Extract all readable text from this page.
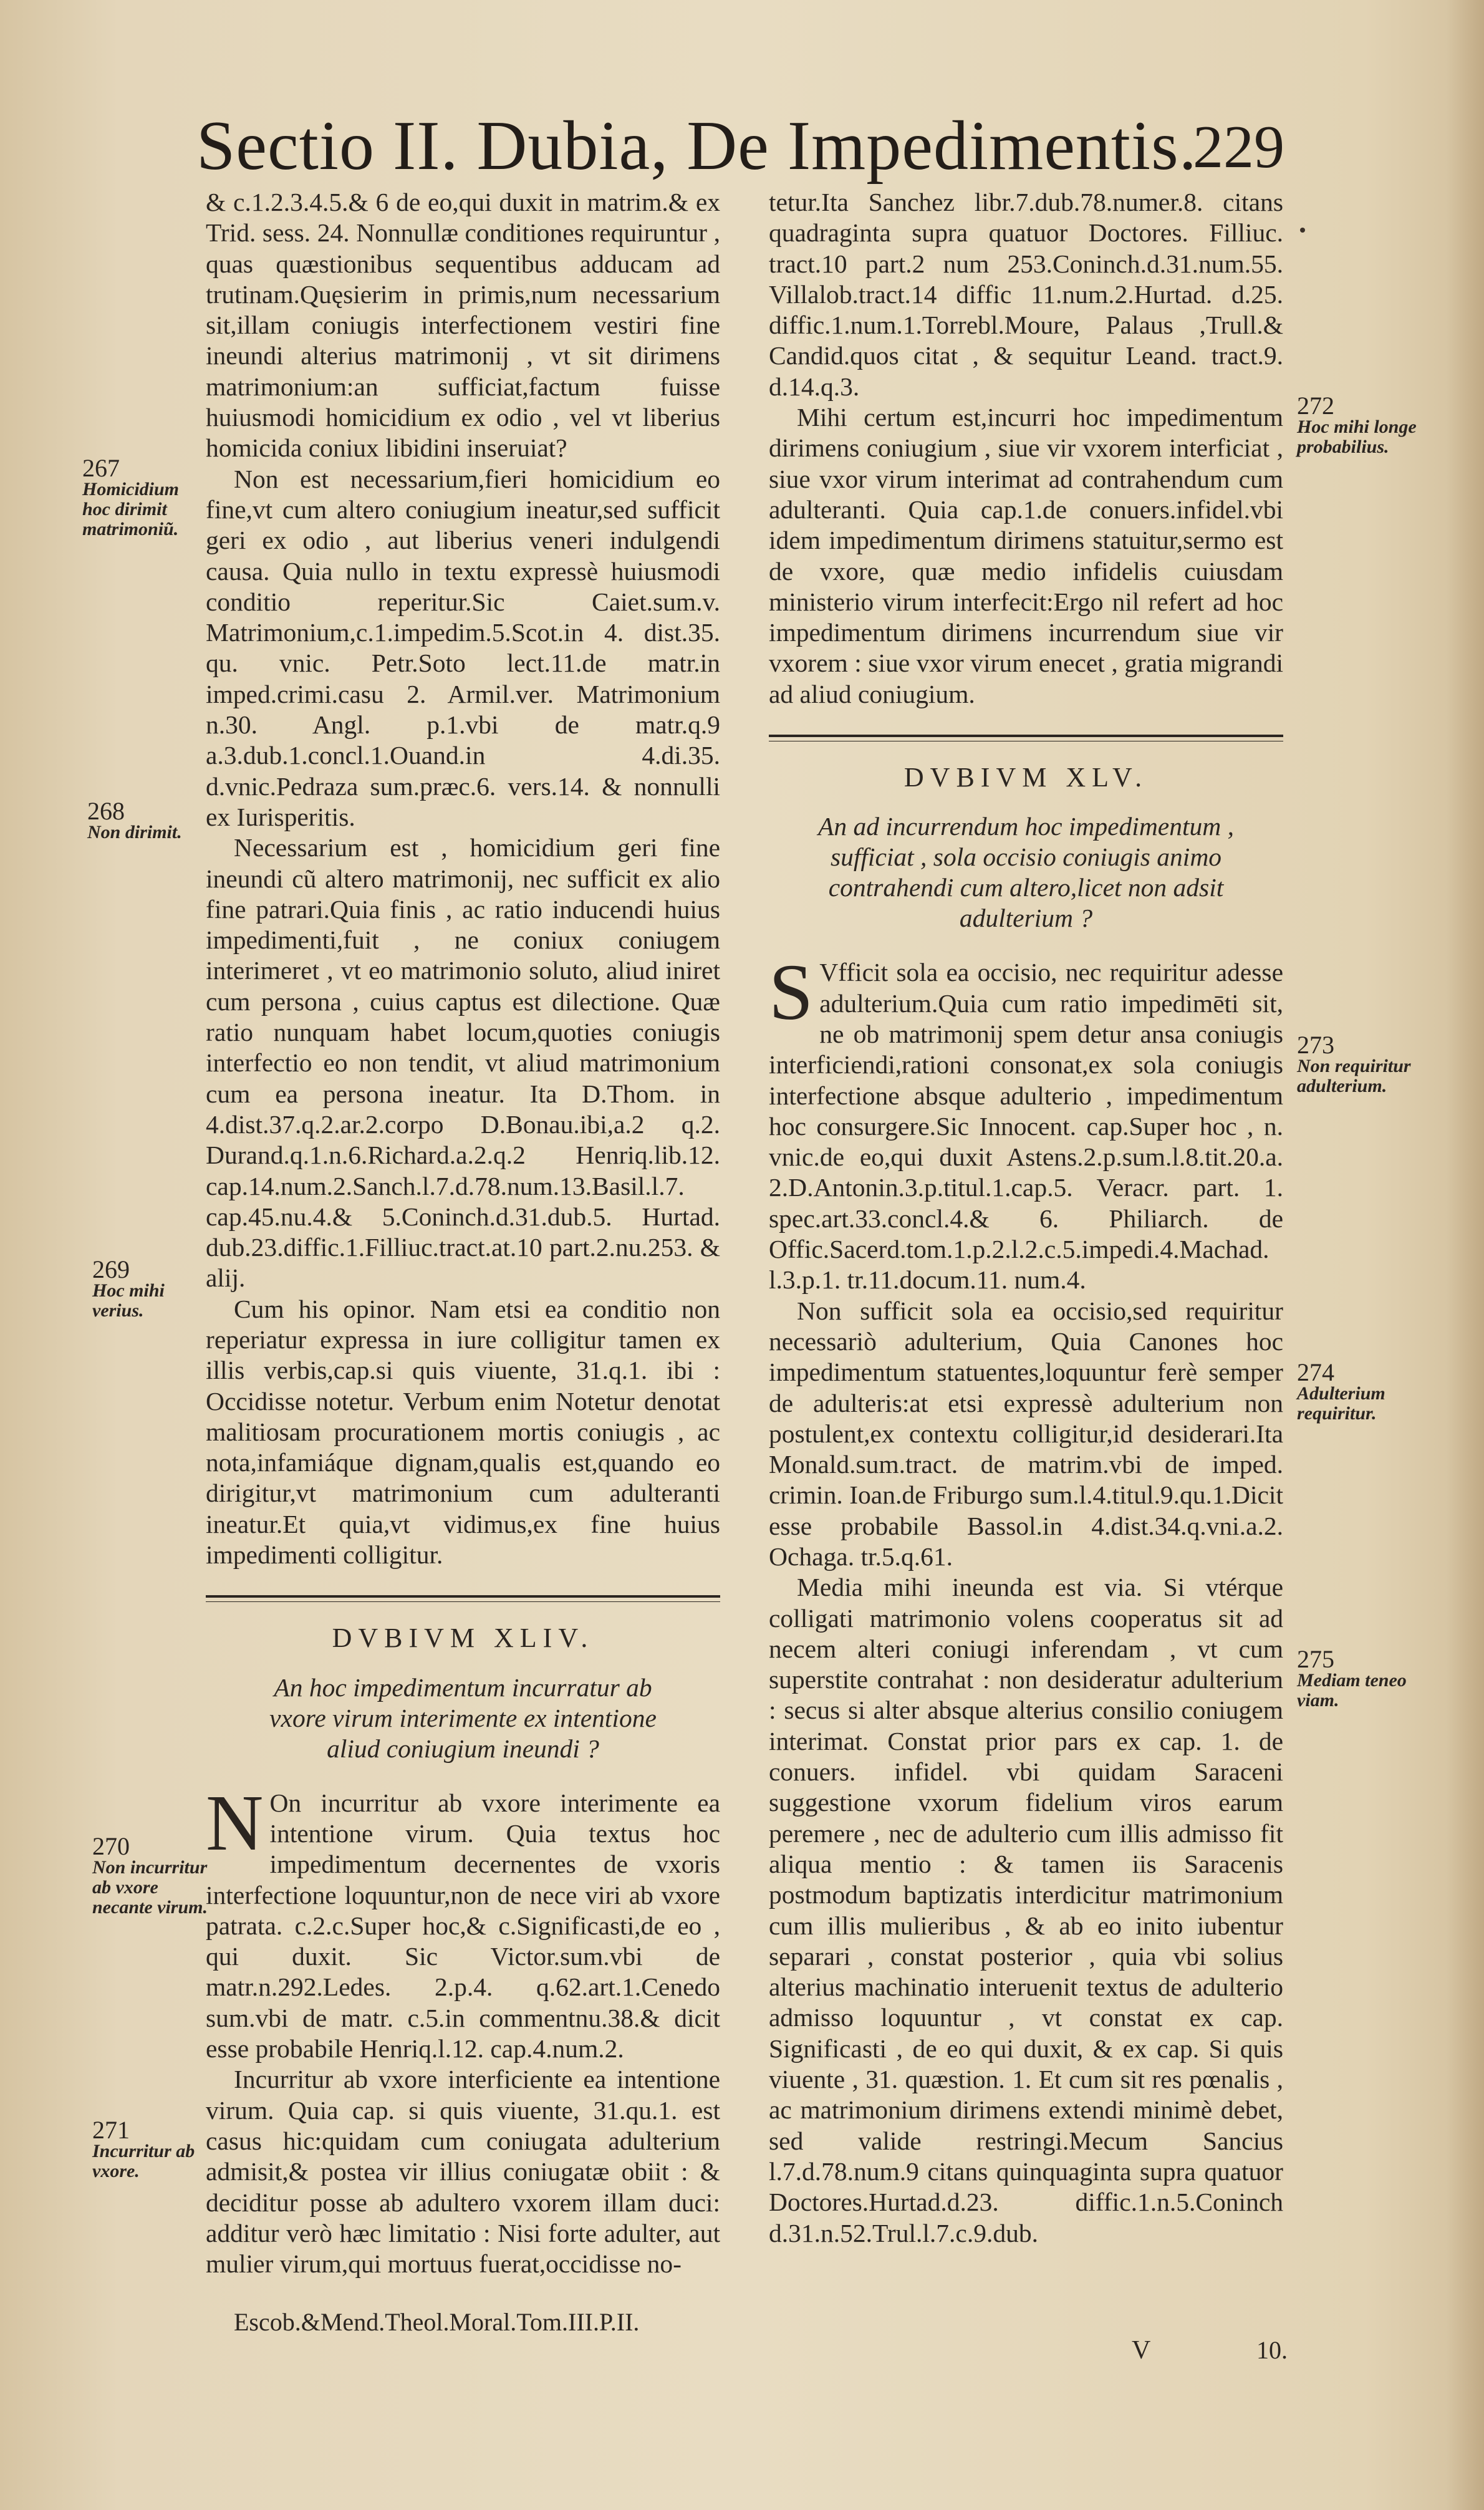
Sectio II. Dubia, De Impedimentis.
229

& c.1.2.3.4.5.& 6 de eo,qui duxit in matrim.& ex Trid. sess. 24. Nonnullæ conditiones requiruntur , quas quæstionibus sequentibus adducam ad trutinam.Quęsierim in primis,num necessarium sit,illam coniugis interfectionem vestiri fine ineundi alterius matrimonij , vt sit dirimens matrimonium:an sufficiat,factum fuisse huiusmodi homicidium ex odio , vel vt liberius homicida coniux libidini inseruiat?

Non est necessarium,fieri homicidium eo fine,vt cum altero coniugium ineatur,sed sufficit geri ex odio , aut liberius veneri indulgendi causa. Quia nullo in textu expressè huiusmodi conditio reperitur.Sic Caiet.sum.v. Matrimonium,c.1.impedim.5.Scot.in 4. dist.35. qu. vnic. Petr.Soto lect.11.de matr.in imped.crimi.casu 2. Armil.ver. Matrimonium n.30. Angl. p.1.vbi de matr.q.9 a.3.dub.1.concl.1.Ouand.in 4.di.35. d.vnic.Pedraza sum.præc.6. vers.14. & nonnulli ex Iurisperitis.

Necessarium est , homicidium geri fine ineundi cũ altero matrimonij, nec sufficit ex alio fine patrari.Quia finis , ac ratio inducendi huius impedimenti,fuit , ne coniux coniugem interimeret , vt eo matrimonio soluto, aliud iniret cum persona , cuius captus est dilectione. Quæ ratio nunquam habet locum,quoties coniugis interfectio eo non tendit, vt aliud matrimonium cum ea persona ineatur. Ita D.Thom. in 4.dist.37.q.2.ar.2.corpo D.Bonau.ibi,a.2 q.2. Durand.q.1.n.6.Richard.a.2.q.2 Henriq.lib.12. cap.14.num.2.Sanch.l.7.d.78.num.13.Basil.l.7. cap.45.nu.4.& 5.Coninch.d.31.dub.5. Hurtad. dub.23.diffic.1.Filliuc.tract.at.10 part.2.nu.253. & alij.

Cum his opinor. Nam etsi ea conditio non reperiatur expressa in iure colligitur tamen ex illis verbis,cap.si quis viuente, 31.q.1. ibi : Occidisse notetur. Verbum enim Notetur denotat malitiosam procurationem mortis coniugis , ac nota,infamiáque dignam,qualis est,quando eo dirigitur,vt matrimonium cum adulteranti ineatur.Et quia,vt vidimus,ex fine huius impedimenti colligitur.

DVBIVM XLIV.
An hoc impedimentum incurratur ab vxore virum interimente ex intentione aliud coniugium ineundi ?

N On incurritur ab vxore interimente ea intentione virum. Quia textus hoc impedimentum decernentes de vxoris interfectione loquuntur,non de nece viri ab vxore patrata. c.2.c.Super hoc,& c.Significasti,de eo , qui duxit. Sic Victor.sum.vbi de matr.n.292.Ledes. 2.p.4. q.62.art.1.Cenedo sum.vbi de matr. c.5.in commentnu.38.& dicit esse probabile Henriq.l.12. cap.4.num.2.

Incurritur ab vxore interficiente ea intentione virum. Quia cap. si quis viuente, 31.qu.1. est casus hic:quidam cum coniugata adulterium admisit,& postea vir illius coniugatæ obiit : & deciditur posse ab adultero vxorem illam duci: additur verò hæc limitatio : Nisi forte adulter, aut mulier virum,qui mortuus fuerat,occidisse no-

tetur.Ita Sanchez libr.7.dub.78.numer.8. citans quadraginta supra quatuor Doctores. Filliuc. tract.10 part.2 num 253.Coninch.d.31.num.55. Villalob.tract.14 diffic 11.num.2.Hurtad. d.25. diffic.1.num.1.Torrebl.Moure, Palaus ,Trull.& Candid.quos citat , & sequitur Leand. tract.9. d.14.q.3.

Mihi certum est,incurri hoc impedimentum dirimens coniugium , siue vir vxorem interficiat , siue vxor virum interimat ad contrahendum cum adulteranti. Quia cap.1.de conuers.infidel.vbi idem impedimentum dirimens statuitur,sermo est de vxore, quæ medio infidelis cuiusdam ministerio virum interfecit:Ergo nil refert ad hoc impedimentum dirimens incurrendum siue vir vxorem : siue vxor virum enecet , gratia migrandi ad aliud coniugium.

DVBIVM XLV.
An ad incurrendum hoc impedimentum , sufficiat , sola occisio coniugis animo contrahendi cum altero,licet non adsit adulterium ?

S Vfficit sola ea occisio, nec requiritur adesse adulterium.Quia cum ratio impedimēti sit, ne ob matrimonij spem detur ansa coniugis interficiendi,rationi consonat,ex sola coniugis interfectione absque adulterio , impedimentum hoc consurgere.Sic Innocent. cap.Super hoc , n. vnic.de eo,qui duxit Astens.2.p.sum.l.8.tit.20.a. 2.D.Antonin.3.p.titul.1.cap.5. Veracr. part. 1. spec.art.33.concl.4.& 6. Philiarch. de Offic.Sacerd.tom.1.p.2.l.2.c.5.impedi.4.Machad. l.3.p.1. tr.11.docum.11. num.4.

Non sufficit sola ea occisio,sed requiritur necessariò adulterium, Quia Canones hoc impedimentum statuentes,loquuntur ferè semper de adulteris:at etsi expressè adulterium non postulent,ex contextu colligitur,id desiderari.Ita Monald.sum.tract. de matrim.vbi de imped. crimin. Ioan.de Friburgo sum.l.4.titul.9.qu.1.Dicit esse probabile Bassol.in 4.dist.34.q.vni.a.2. Ochaga. tr.5.q.61.

Media mihi ineunda est via. Si vtérque colligati matrimonio volens cooperatus sit ad necem alteri coniugi inferendam , vt cum superstite contrahat : non desideratur adulterium : secus si alter absque alterius consilio coniugem interimat. Constat prior pars ex cap. 1. de conuers. infidel. vbi quidam Saraceni suggestione vxorum fidelium viros earum peremere , nec de adulterio cum illis admisso fit aliqua mentio : & tamen iis Saracenis postmodum baptizatis interdicitur matrimonium cum illis mulieribus , & ab eo inito iubentur separari , constat posterior , quia vbi solius alterius machinatio interuenit textus de adulterio admisso loquuntur , vt constat ex cap. Significasti , de eo qui duxit, & ex cap. Si quis viuente , 31. quæstion. 1. Et cum sit res pœnalis , ac matrimonium dirimens extendi minimè debet, sed valide restringi.Mecum Sancius l.7.d.78.num.9 citans quinquaginta supra quatuor Doctores.Hurtad.d.23. diffic.1.n.5.Coninch d.31.n.52.Trul.l.7.c.9.dub.

267
Homicidium hoc dirimit matrimoniũ.
268
Non dirimit.
269
Hoc mihi verius.
270
Non incurritur ab vxore necante virum.
271
Incurritur ab vxore.
272
Hoc mihi longe probabilius.
273
Non requiritur adulterium.
274
Adulterium requiritur.
275
Mediam teneo viam.
Escob.&Mend.Theol.Moral.Tom.III.P.II.
V	10.
